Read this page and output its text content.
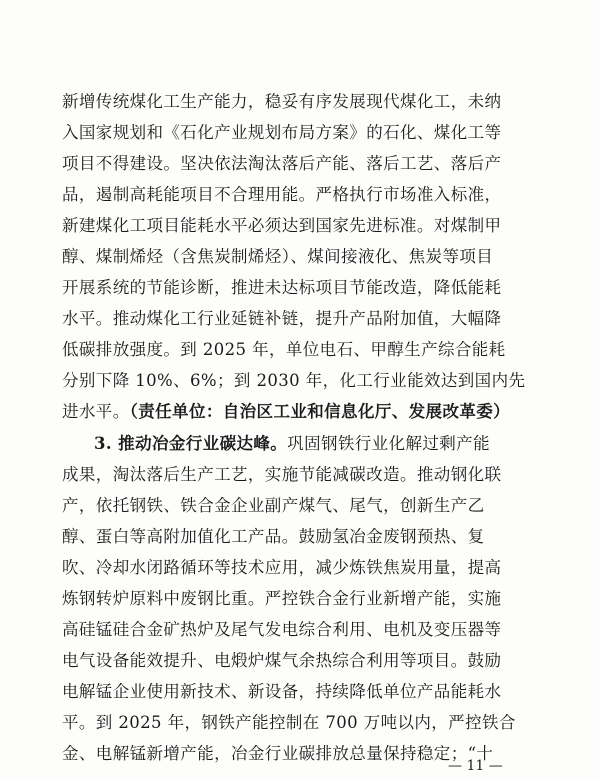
新增传统煤化工生产能力，稳妥有序发展现代煤化工，未纳
入国家规划和《石化产业规划布局方案》的石化、煤化工等
项目不得建设。坚决依法淘汰落后产能、落后工艺、落后产
品，遏制高耗能项目不合理用能。严格执行市场准入标准，
新建煤化工项目能耗水平必须达到国家先进标准。对煤制甲
醇、煤制烯烃（含焦炭制烯烃）、煤间接液化、焦炭等项目
开展系统的节能诊断，推进未达标项目节能改造，降低能耗
水平。推动煤化工行业延链补链，提升产品附加值，大幅降
低碳排放强度。到 2025 年，单位电石、甲醇生产综合能耗
分别下降 10%、6%；到 2030 年，化工行业能效达到国内先
进水平。（责任单位：自治区工业和信息化厅、发展改革委）
3. 推动冶金行业碳达峰。巩固钢铁行业化解过剩产能
成果，淘汰落后生产工艺，实施节能减碳改造。推动钢化联
产，依托钢铁、铁合金企业副产煤气、尾气，创新生产乙
醇、蛋白等高附加值化工产品。鼓励氢冶金废钢预热、复
吹、冷却水闭路循环等技术应用，减少炼铁焦炭用量，提高
炼钢转炉原料中废钢比重。严控铁合金行业新增产能，实施
高硅锰硅合金矿热炉及尾气发电综合利用、电机及变压器等
电气设备能效提升、电煅炉煤气余热综合利用等项目。鼓励
电解锰企业使用新技术、新设备，持续降低单位产品能耗水
平。到 2025 年，钢铁产能控制在 700 万吨以内，严控铁合
金、电解锰新增产能，冶金行业碳排放总量保持稳定；“十
— 11 —
